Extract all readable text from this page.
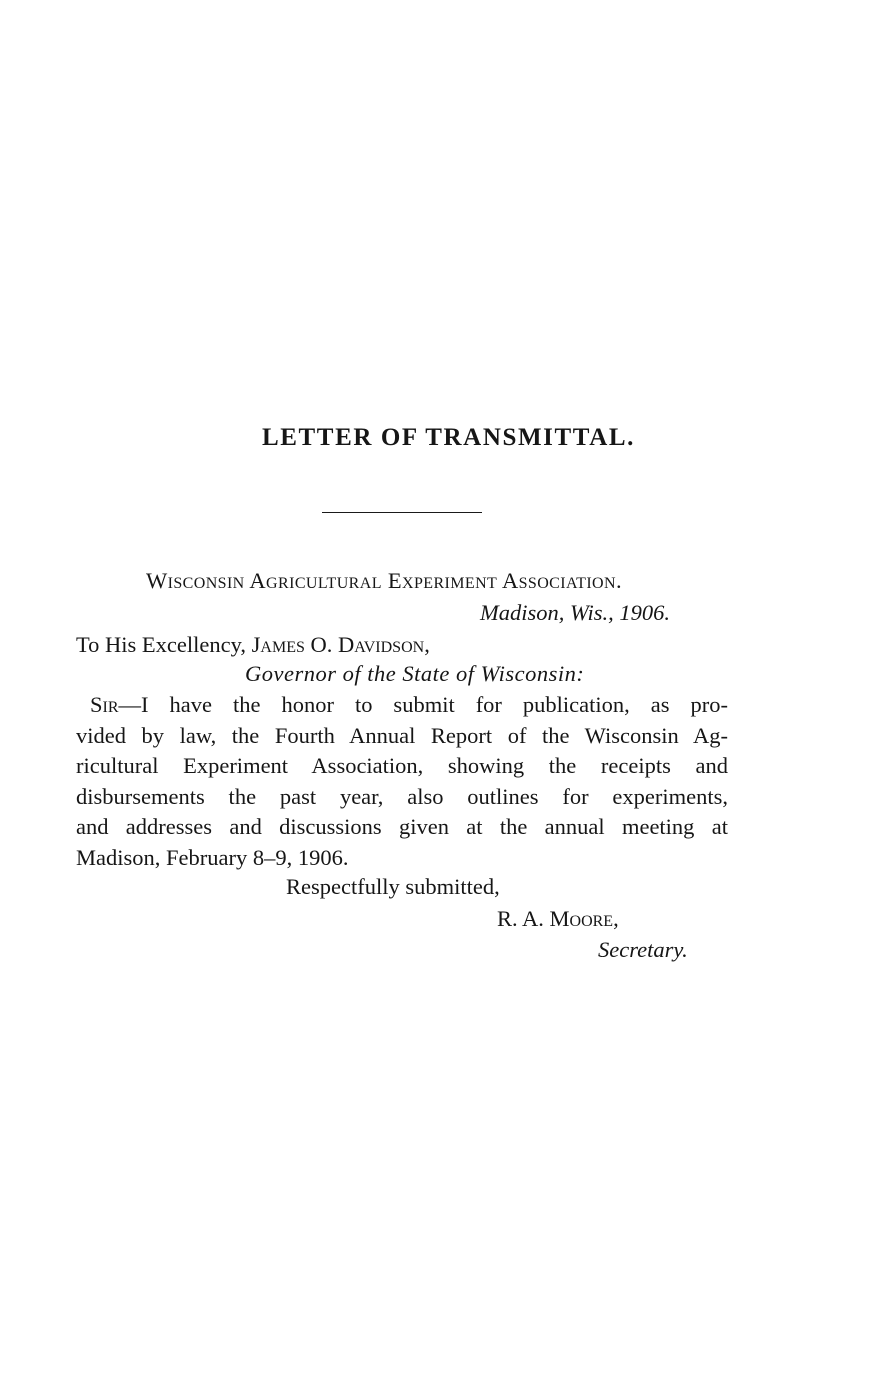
LETTER OF TRANSMITTAL.
Wisconsin Agricultural Experiment Association.
Madison, Wis., 1906.
To His Excellency, James O. Davidson,
Governor of the State of Wisconsin:
Sir—I have the honor to submit for publication, as pro-
vided by law, the Fourth Annual Report of the Wisconsin Ag-
ricultural Experiment Association, showing the receipts and
disbursements the past year, also outlines for experiments,
and addresses and discussions given at the annual meeting at
Madison, February 8–9, 1906.
Respectfully submitted,
R. A. Moore,
Secretary.
